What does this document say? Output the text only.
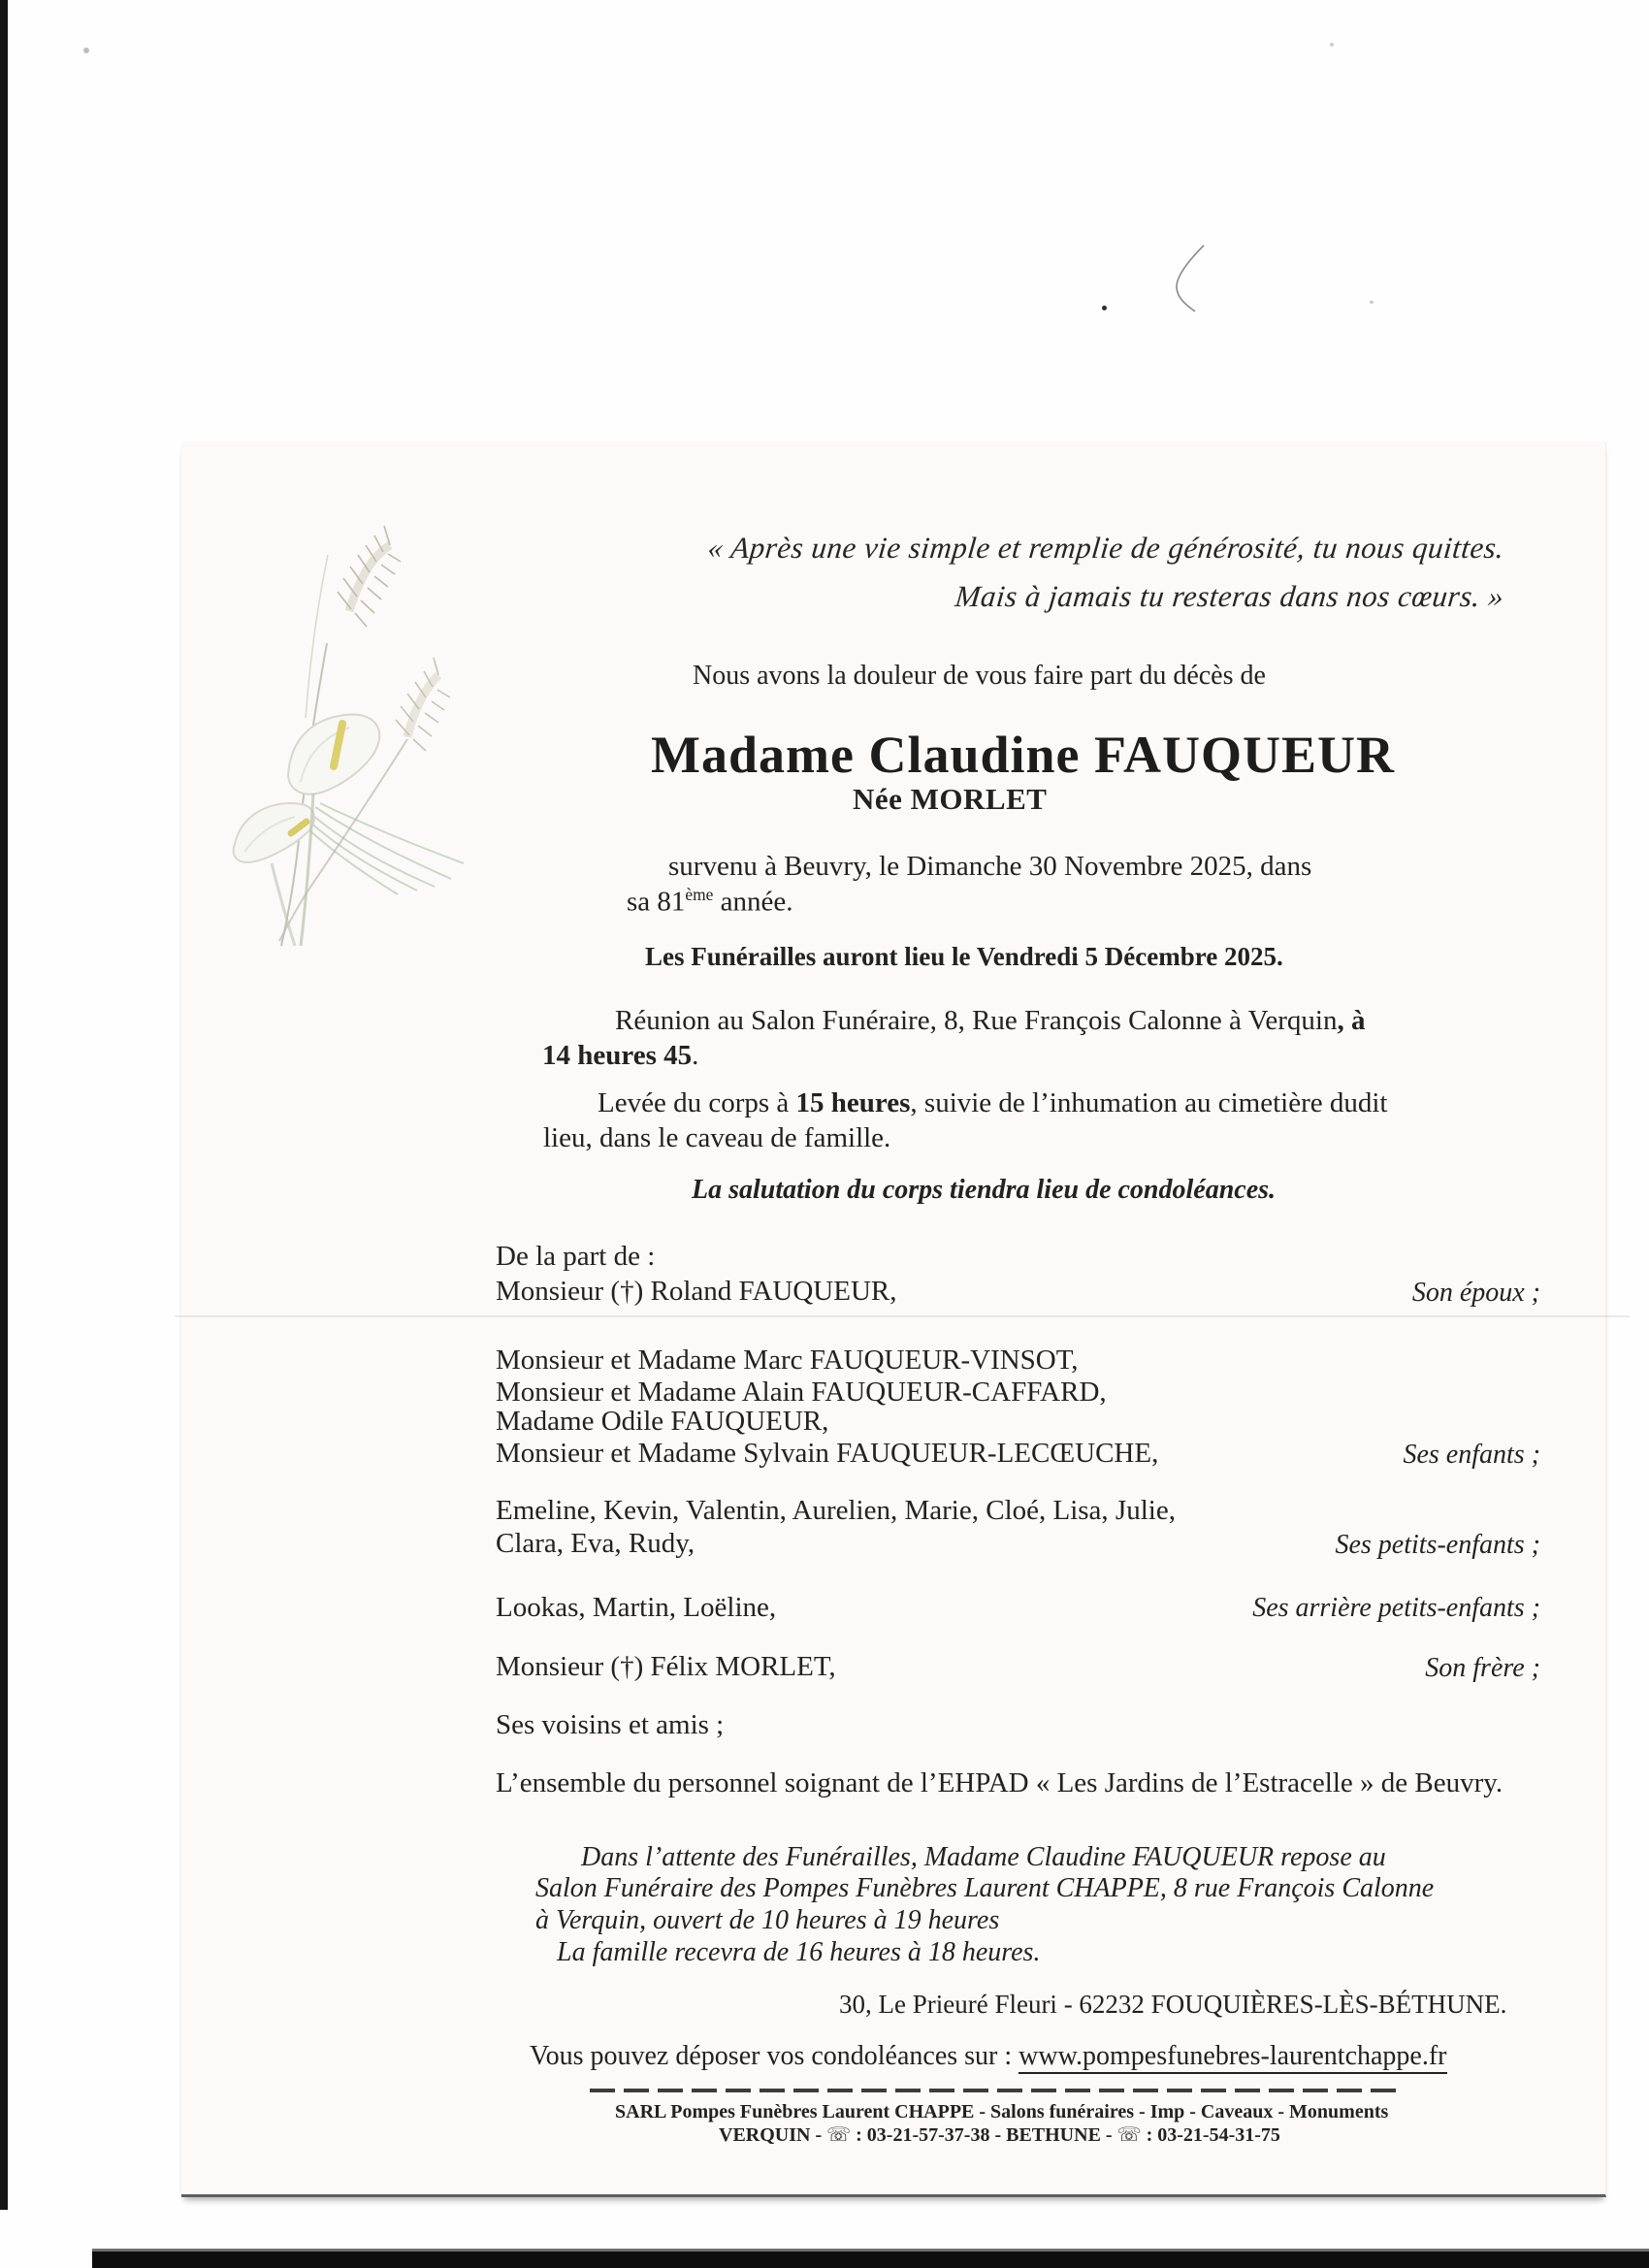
« Après une vie simple et remplie de générosité, tu nous quittes.
Mais à jamais tu resteras dans nos cœurs. »
Nous avons la douleur de vous faire part du décès de
Madame Claudine FAUQUEUR
Née MORLET
survenu à Beuvry, le Dimanche 30 Novembre 2025, dans
sa 81ème année.
Les Funérailles auront lieu le Vendredi 5 Décembre 2025.
Réunion au Salon Funéraire, 8, Rue François Calonne à Verquin, à
14 heures 45.
Levée du corps à 15 heures, suivie de l’inhumation au cimetière dudit
lieu, dans le caveau de famille.
La salutation du corps tiendra lieu de condoléances.
De la part de :
Monsieur (†) Roland FAUQUEUR,	Son époux ;
Monsieur et Madame Marc FAUQUEUR-VINSOT,
Monsieur et Madame Alain FAUQUEUR-CAFFARD,
Madame Odile FAUQUEUR,
Monsieur et Madame Sylvain FAUQUEUR-LECŒUCHE,	Ses enfants ;
Emeline, Kevin, Valentin, Aurelien, Marie, Cloé, Lisa, Julie,
Clara, Eva, Rudy,	Ses petits-enfants ;
Lookas, Martin, Loëline,	Ses arrière petits-enfants ;
Monsieur (†) Félix MORLET,	Son frère ;
Ses voisins et amis ;
L’ensemble du personnel soignant de l’EHPAD « Les Jardins de l’Estracelle » de Beuvry.
Dans l’attente des Funérailles, Madame Claudine FAUQUEUR repose au
Salon Funéraire des Pompes Funèbres Laurent CHAPPE, 8 rue François Calonne
à Verquin, ouvert de 10 heures à 19 heures
La famille recevra de 16 heures à 18 heures.
30, Le Prieuré Fleuri - 62232 FOUQUIÈRES-LÈS-BÉTHUNE.
Vous pouvez déposer vos condoléances sur : www.pompesfunebres-laurentchappe.fr
SARL Pompes Funèbres Laurent CHAPPE - Salons funéraires - Imp - Caveaux - Monuments
VERQUIN - ☏ : 03-21-57-37-38 - BETHUNE - ☏ : 03-21-54-31-75
